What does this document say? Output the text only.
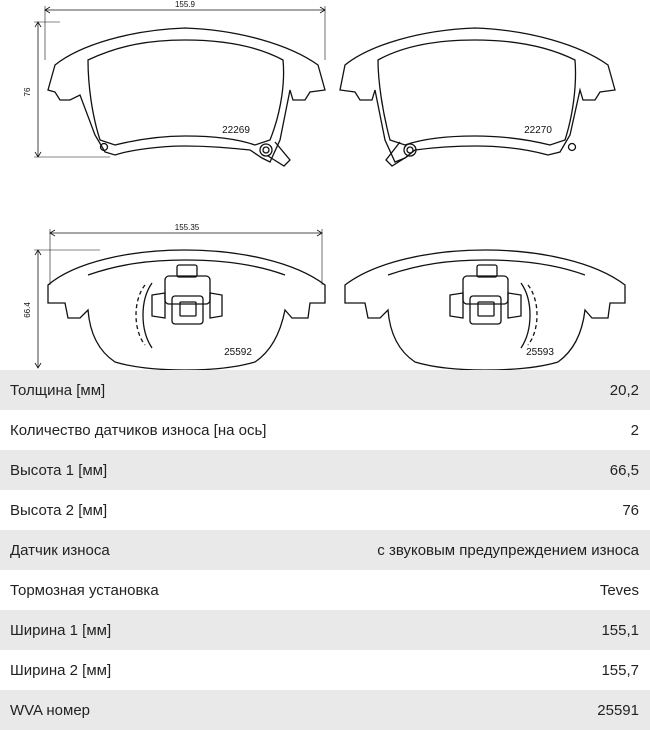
155.9
76
22269	22270
155.35
66.4
25592	25593
Толщина [мм]	20,2
Количество датчиков износа [на ось]	2
Высота 1 [мм]	66,5
Высота 2 [мм]	76
Датчик износа	с звуковым предупреждением износа
Тормозная установка	Teves
Ширина 1 [мм]	155,1
Ширина 2 [мм]	155,7
WVA номер	25591
